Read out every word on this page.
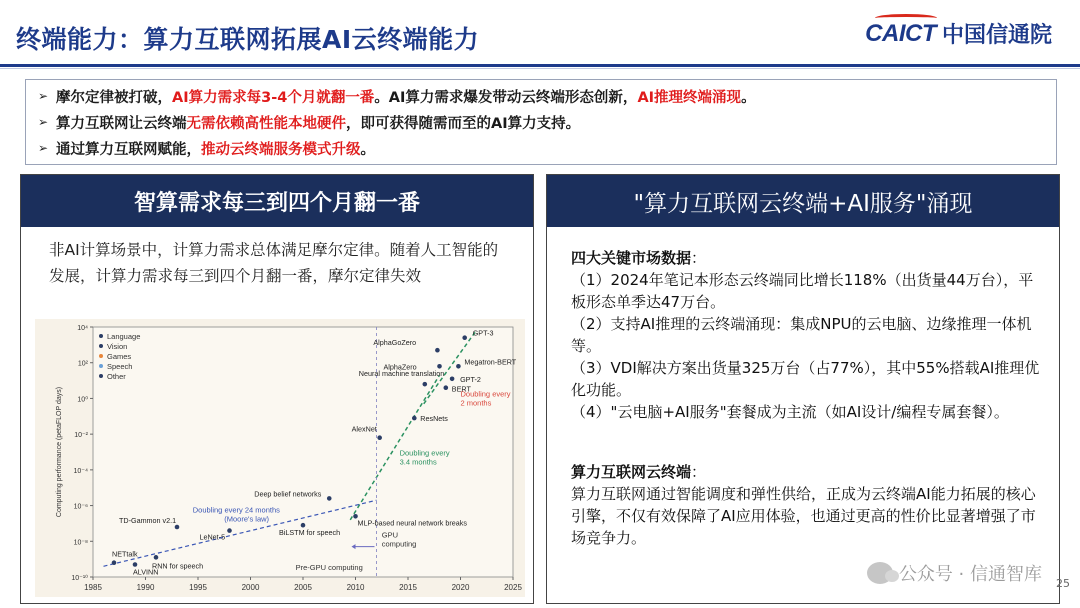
终端能力：算力互联网拓展AI云终端能力	CAICT 中国信通院
➢ 摩尔定律被打破，AI算力需求每3-4个月就翻一番。AI算力需求爆发带动云终端形态创新，AI推理终端涌现。
➢ 算力互联网让云终端无需依赖高性能本地硬件，即可获得随需而至的AI算力支持。
➢ 通过算力互联网赋能，推动云终端服务模式升级。
智算需求每三到四个月翻一番
非AI计算场景中，计算力需求总体满足摩尔定律。随着人工智能的发展，计算力需求每三到四个月翻一番，摩尔定律失效
1985	1990	1995	2000	2005	2010	2015	2020	2025
10⁻¹⁰
10⁻⁸
10⁻⁶
10⁻⁴
10⁻²
10⁰
10²
10⁴
Computing performance (petaFLOP days)
Language
Vision
Games
Speech
Other
NETtalk
ALVINN
RNN for speech
TD-Gammon v2.1
LeNet-5	BiLSTM for speech
Deep belief networks
MLP-based neural network breaks
AlexNet
ResNets
Neural machine translation
AlphaGoZero
AlphaZero
BERT
GPT-2
Megatron-BERT
GPT-3
Doubling every 24 months
(Moore's law)
Doubling every
3.4 months
Doubling every
2 months
GPU
computing
Pre-GPU computing
"算力互联网云终端+AI服务"涌现
四大关键市场数据：
（1）2024年笔记本形态云终端同比增长118%（出货量44万台），平板形态单季达47万台。
（2）支持AI推理的云终端涌现：集成NPU的云电脑、边缘推理一体机等。
（3）VDI解决方案出货量325万台（占77%），其中55%搭载AI推理优化功能。
（4）"云电脑+AI服务"套餐成为主流（如AI设计/编程专属套餐）。
算力互联网云终端：
算力互联网通过智能调度和弹性供给，正成为云终端AI能力拓展的核心引擎，不仅有效保障了AI应用体验，也通过更高的性价比显著增强了市场竞争力。
公众号 · 信通智库 25
